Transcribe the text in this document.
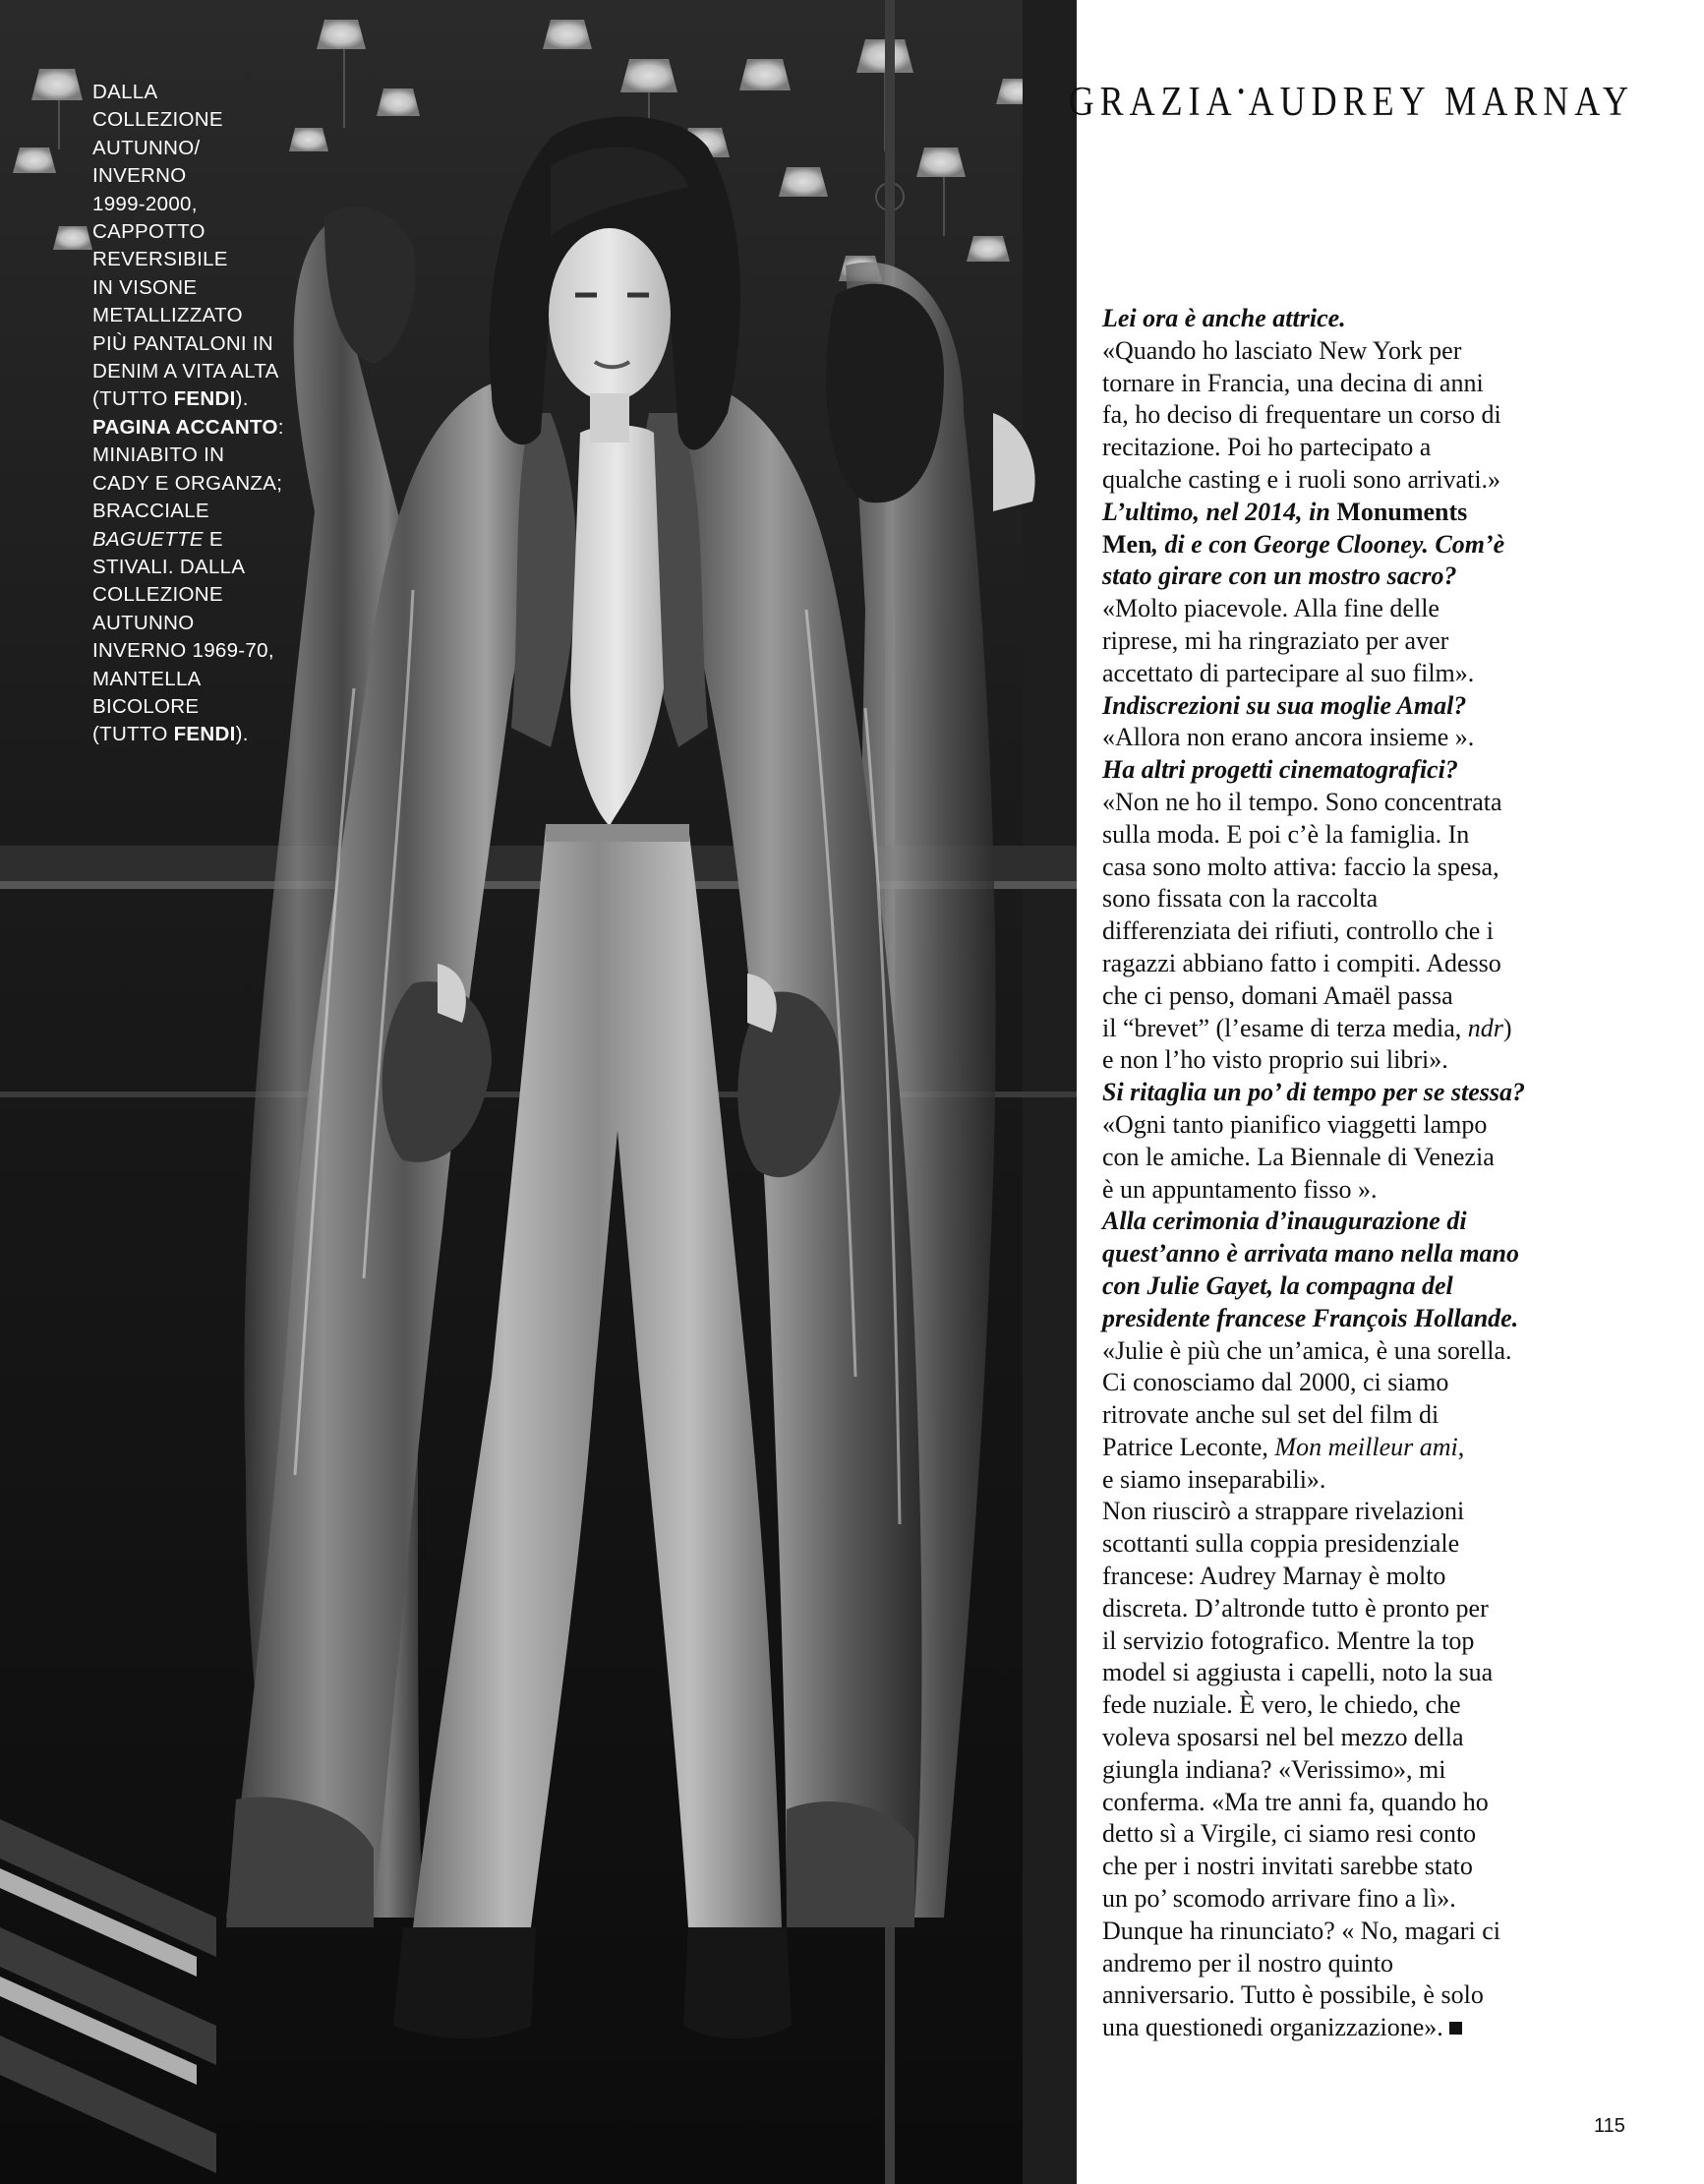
DALLA
COLLEZIONE
AUTUNNO/
INVERNO
1999-2000,
CAPPOTTO
REVERSIBILE
IN VISONE
METALLIZZATO
PIÙ PANTALONI IN
DENIM A VITA ALTA
(TUTTO FENDI).
PAGINA ACCANTO:
MINIABITO IN
CADY E ORGANZA;
BRACCIALE
BAGUETTE E
STIVALI. DALLA
COLLEZIONE
AUTUNNO
INVERNO 1969-70,
MANTELLA
BICOLORE
(TUTTO FENDI).
GRAZIA•AUDREY MARNAY
Lei ora è anche attrice.
«Quando ho lasciato New York per
tornare in Francia, una decina di anni
fa, ho deciso di frequentare un corso di
recitazione. Poi ho partecipato a
qualche casting e i ruoli sono arrivati.»
L’ultimo, nel 2014, in Monuments
Men, di e con George Clooney. Com’è
stato girare con un mostro sacro?
«Molto piacevole. Alla fine delle
riprese, mi ha ringraziato per aver
accettato di partecipare al suo film».
Indiscrezioni su sua moglie Amal?
«Allora non erano ancora insieme ».
Ha altri progetti cinematografici?
«Non ne ho il tempo. Sono concentrata
sulla moda. E poi c’è la famiglia. In
casa sono molto attiva: faccio la spesa,
sono fissata con la raccolta
differenziata dei rifiuti, controllo che i
ragazzi abbiano fatto i compiti. Adesso
che ci penso, domani Amaël passa
il “brevet” (l’esame di terza media, ndr)
e non l’ho visto proprio sui libri».
Si ritaglia un po’ di tempo per se stessa?
«Ogni tanto pianifico viaggetti lampo
con le amiche. La Biennale di Venezia
è un appuntamento fisso ».
Alla cerimonia d’inaugurazione di
quest’anno è arrivata mano nella mano
con Julie Gayet, la compagna del
presidente francese François Hollande.
«Julie è più che un’amica, è una sorella.
Ci conosciamo dal 2000, ci siamo
ritrovate anche sul set del film di
Patrice Leconte, Mon meilleur ami,
e siamo inseparabili».
Non riuscirò a strappare rivelazioni
scottanti sulla coppia presidenziale
francese: Audrey Marnay è molto
discreta. D’altronde tutto è pronto per
il servizio fotografico. Mentre la top
model si aggiusta i capelli, noto la sua
fede nuziale. È vero, le chiedo, che
voleva sposarsi nel bel mezzo della
giungla indiana? «Verissimo», mi
conferma. «Ma tre anni fa, quando ho
detto sì a Virgile, ci siamo resi conto
che per i nostri invitati sarebbe stato
un po’ scomodo arrivare fino a lì».
Dunque ha rinunciato? « No, magari ci
andremo per il nostro quinto
anniversario. Tutto è possibile, è solo
una questionedi organizzazione».
115
